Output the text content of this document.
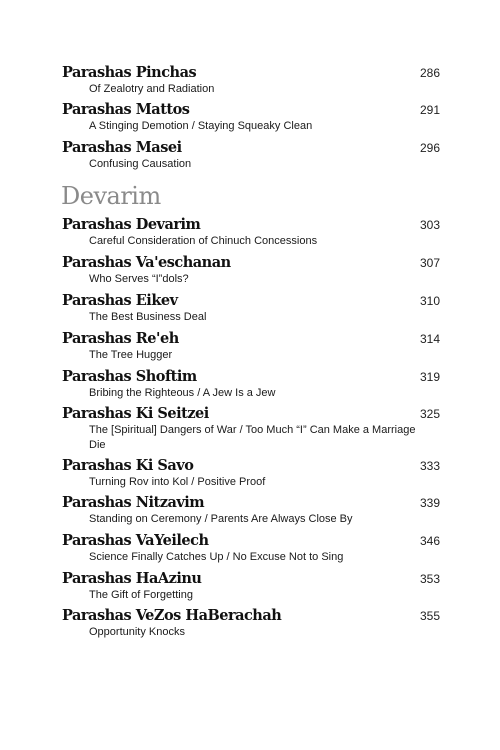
Parashas Pinchas
Of Zealotry and Radiation
286
Parashas Mattos
A Stinging Demotion / Staying Squeaky Clean
291
Parashas Masei
Confusing Causation
296
Devarim
Parashas Devarim
Careful Consideration of Chinuch Concessions
303
Parashas Va'eschanan
Who Serves “I”dols?
307
Parashas Eikev
The Best Business Deal
310
Parashas Re'eh
The Tree Hugger
314
Parashas Shoftim
Bribing the Righteous / A Jew Is a Jew
319
Parashas Ki Seitzei
The [Spiritual] Dangers of War / Too Much “I” Can Make a Marriage Die
325
Parashas Ki Savo
Turning Rov into Kol / Positive Proof
333
Parashas Nitzavim
Standing on Ceremony / Parents Are Always Close By
339
Parashas VaYeilech
Science Finally Catches Up / No Excuse Not to Sing
346
Parashas HaAzinu
The Gift of Forgetting
353
Parashas VeZos HaBerachah
Opportunity Knocks
355
